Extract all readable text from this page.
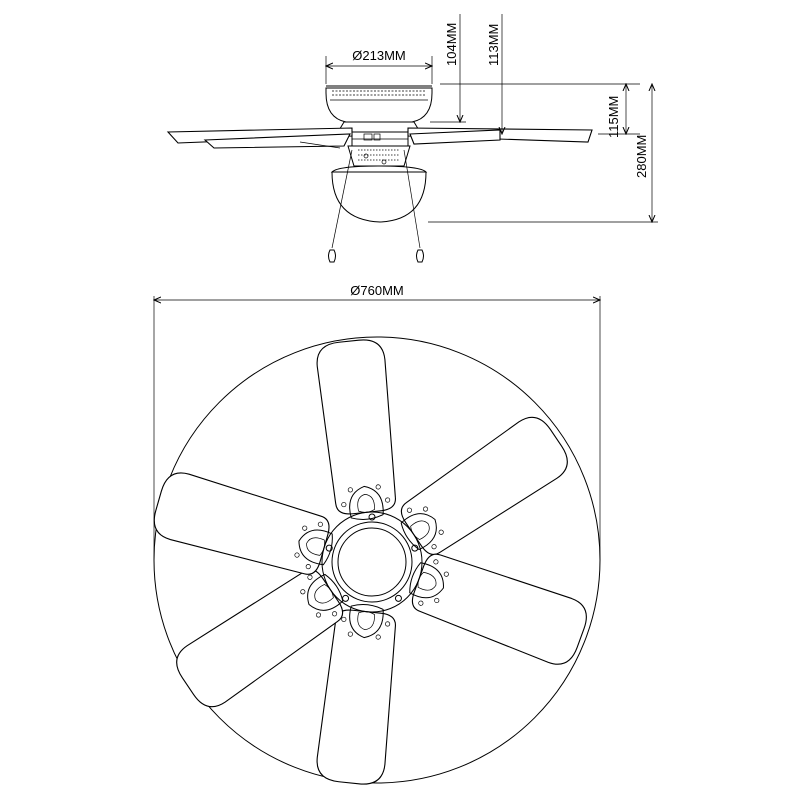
Ø213MM	104MM 113MM
115MM
280MM
Ø760MM
